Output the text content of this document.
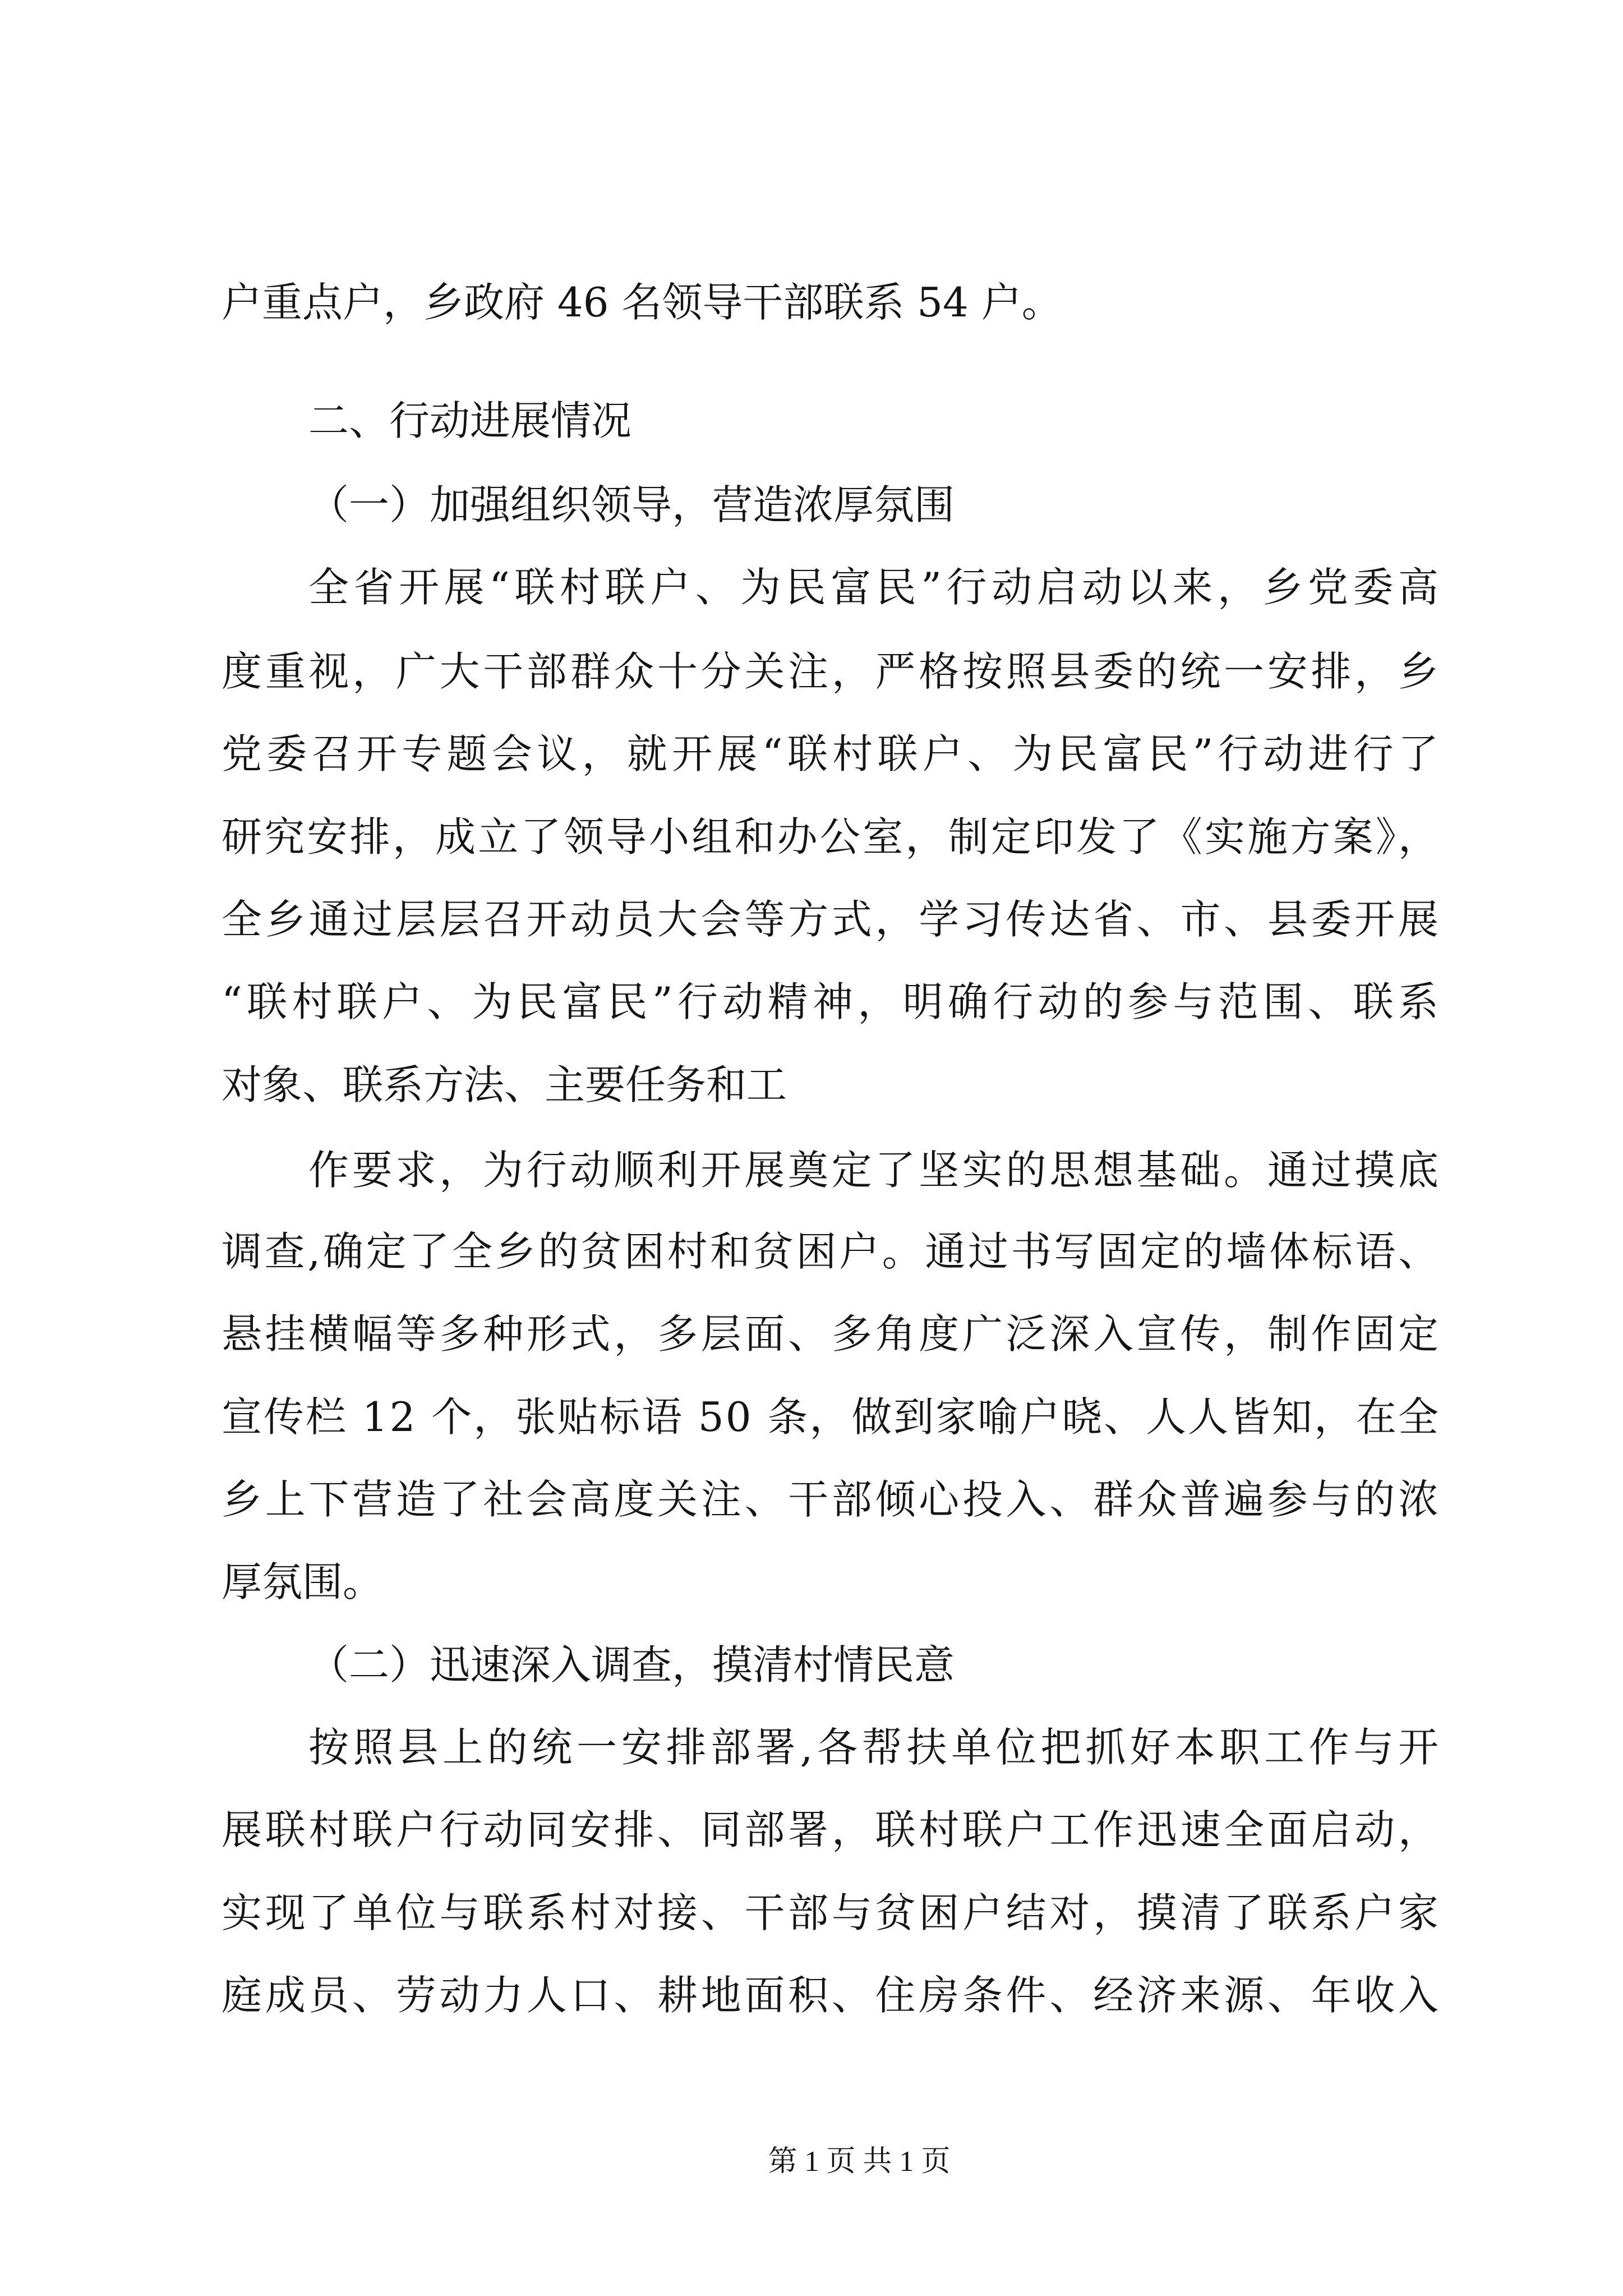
户重点户，乡政府 46 名领导干部联系 54 户。
二、行动进展情况
（一）加强组织领导，营造浓厚氛围
全省开展“联村联户、为民富民”行动启动以来，乡党委高
度重视，广大干部群众十分关注，严格按照县委的统一安排，乡
党委召开专题会议，就开展“联村联户、为民富民”行动进行了
研究安排，成立了领导小组和办公室，制定印发了《实施方案》，
全乡通过层层召开动员大会等方式，学习传达省、市、县委开展
“联村联户、为民富民”行动精神，明确行动的参与范围、联系
对象、联系方法、主要任务和工
作要求，为行动顺利开展奠定了坚实的思想基础。通过摸底
调查,确定了全乡的贫困村和贫困户。通过书写固定的墙体标语、
悬挂横幅等多种形式，多层面、多角度广泛深入宣传，制作固定
宣传栏 12 个，张贴标语 50 条，做到家喻户晓、人人皆知，在全
乡上下营造了社会高度关注、干部倾心投入、群众普遍参与的浓
厚氛围。
（二）迅速深入调查，摸清村情民意
按照县上的统一安排部署,各帮扶单位把抓好本职工作与开
展联村联户行动同安排、同部署，联村联户工作迅速全面启动，
实现了单位与联系村对接、干部与贫困户结对，摸清了联系户家
庭成员、劳动力人口、耕地面积、住房条件、经济来源、年收入
第 1 页 共 1 页
